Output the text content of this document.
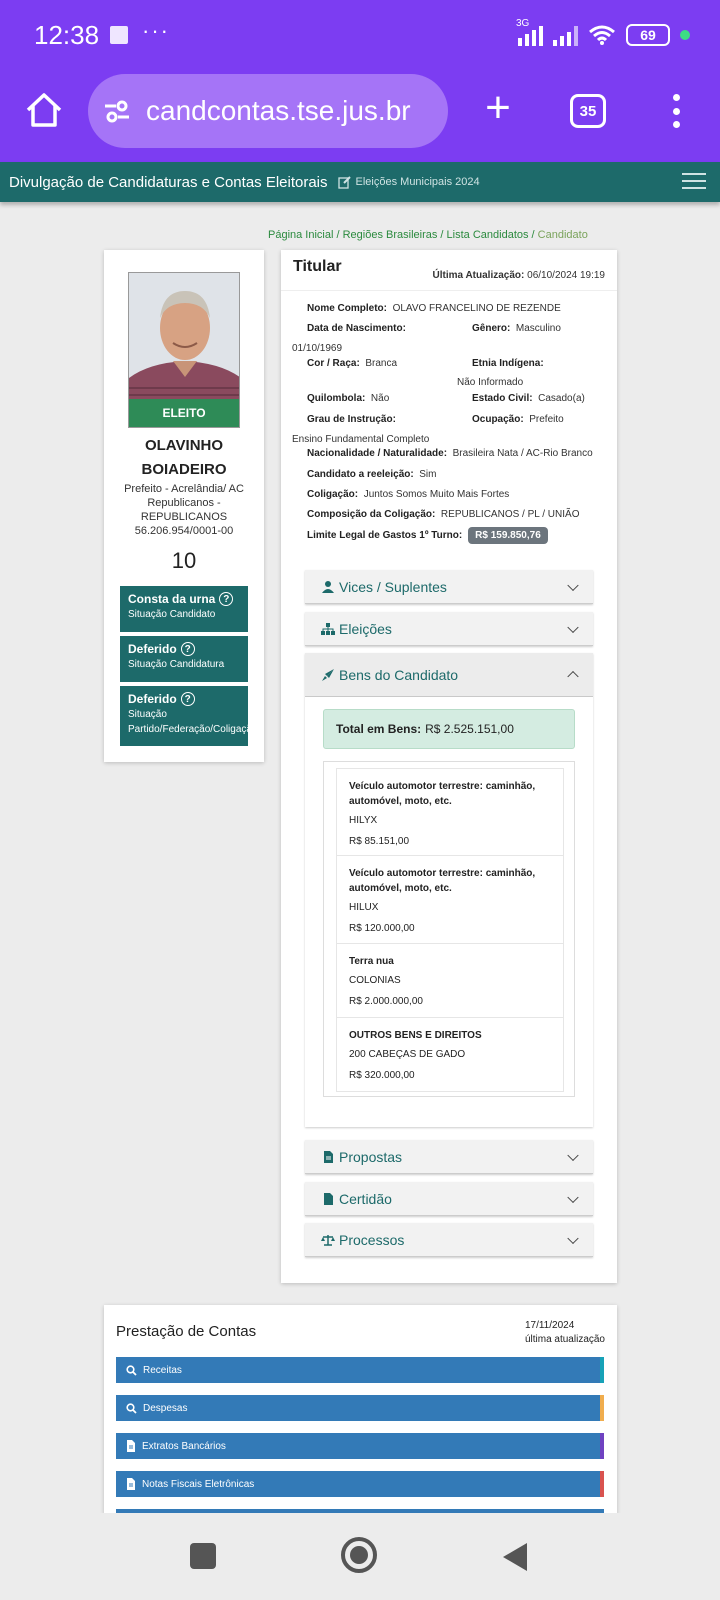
12:38 ···	3G
69
candcontas.tse.jus.br	+	35
Divulgação de Candidaturas e Contas Eleitorais	Eleições Municipais 2024
Página Inicial / Regiões Brasileiras / Lista Candidatos / Candidato
ELEITO
OLAVINHO
BOIADEIRO
Prefeito - Acrelândia/ AC
Republicanos -
REPUBLICANOS
56.206.954/0001-00
10
Consta da urna ?
Situação Candidato
Deferido ?
Situação Candidatura
Deferido ?
Situação
Partido/Federação/Coligação
Titular
Última Atualização: 06/10/2024 19:19
Nome Completo: OLAVO FRANCELINO DE REZENDE
Data de Nascimento:	Gênero: Masculino
01/10/1969
Cor / Raça: Branca	Etnia Indígena:
Não Informado
Quilombola: Não	Estado Civil: Casado(a)
Grau de Instrução:	Ocupação: Prefeito
Ensino Fundamental Completo
Nacionalidade / Naturalidade: Brasileira Nata / AC-Rio Branco
Candidato a reeleição: Sim
Coligação: Juntos Somos Muito Mais Fortes
Composição da Coligação: REPUBLICANOS / PL / UNIÃO
Limite Legal de Gastos 1º Turno: R$ 159.850,76
Vices / Suplentes
Eleições
Bens do Candidato
Total em Bens: R$ 2.525.151,00
Veículo automotor terrestre: caminhão,
automóvel, moto, etc.
HILYX
R$ 85.151,00
Veículo automotor terrestre: caminhão,
automóvel, moto, etc.
HILUX
R$ 120.000,00
Terra nua
COLONIAS
R$ 2.000.000,00
OUTROS BENS E DIREITOS
200 CABEÇAS DE GADO
R$ 320.000,00
Propostas
Certidão
Processos
Prestação de Contas	17/11/2024
última atualização
Receitas
Despesas
Extratos Bancários
Notas Fiscais Eletrônicas
